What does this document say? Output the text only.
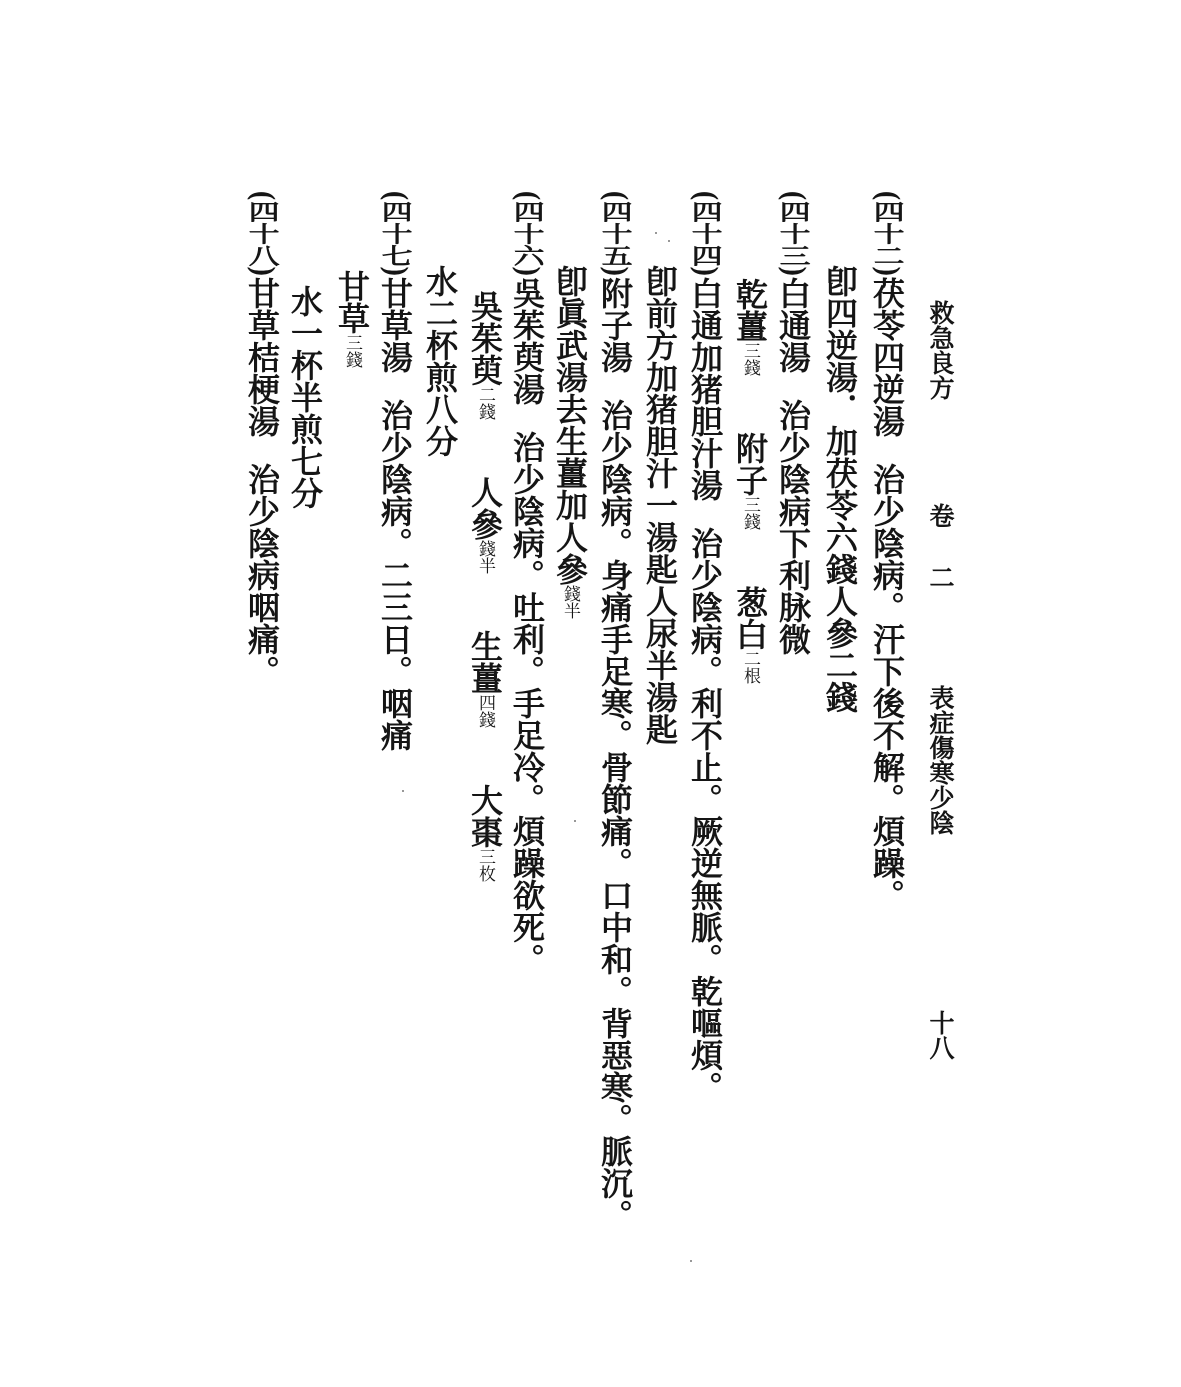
救急良方
卷 二
表症傷寒少陰
十八
(四十二)茯苓四逆湯治少陰病。汗下後不解。煩躁。
卽四逆湯．加茯苓六錢人參二錢
(四十三)白通湯治少陰病下利脉微
乾薑三錢附子三錢葱白二根
(四十四)白通加猪胆汁湯治少陰病。利不止。厥逆無脈。乾嘔煩。
卽前方加猪胆汁一湯匙人尿半湯匙
(四十五)附子湯治少陰病。身痛手足寒。骨節痛。口中和。背惡寒。脈沉。
卽眞武湯去生薑加人參錢半
(四十六)吳茱萸湯治少陰病。吐利。手足冷。煩躁欲死。
吳茱萸二錢人參錢半生薑四錢大棗三枚
水二杯煎八分
(四十七)甘草湯治少陰病。二三日。咽痛
甘草三錢
水一杯半煎七分
(四十八)甘草桔梗湯治少陰病咽痛。
